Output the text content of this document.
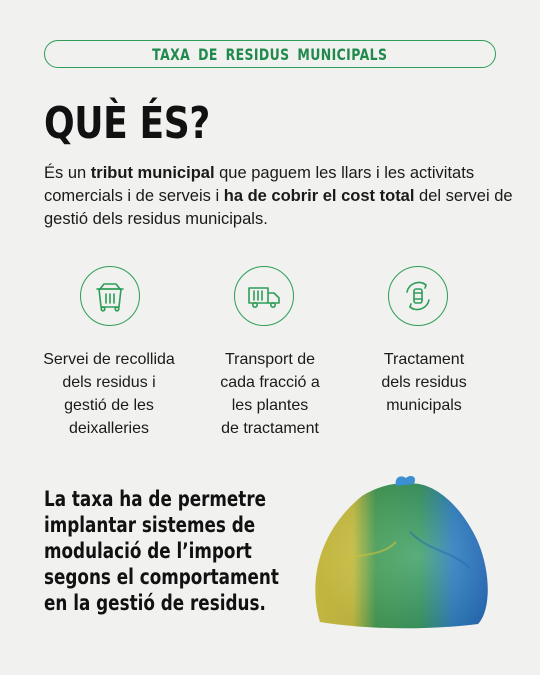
TAXA DE RESIDUS MUNICIPALS
QUÈ ÉS?

És un tribut municipal que paguem les llars i les activitats comercials i de serveis i ha de cobrir el cost total del servei de gestió dels residus municipals.

Servei de recollida
dels residus i
gestió de les
deixalleries
Transport de
cada fracció a
les plantes
de tractament
Tractament
dels residus
municipals
La taxa ha de permetre
implantar sistemes de
modulació de l’import
segons el comportament
en la gestió de residus.
